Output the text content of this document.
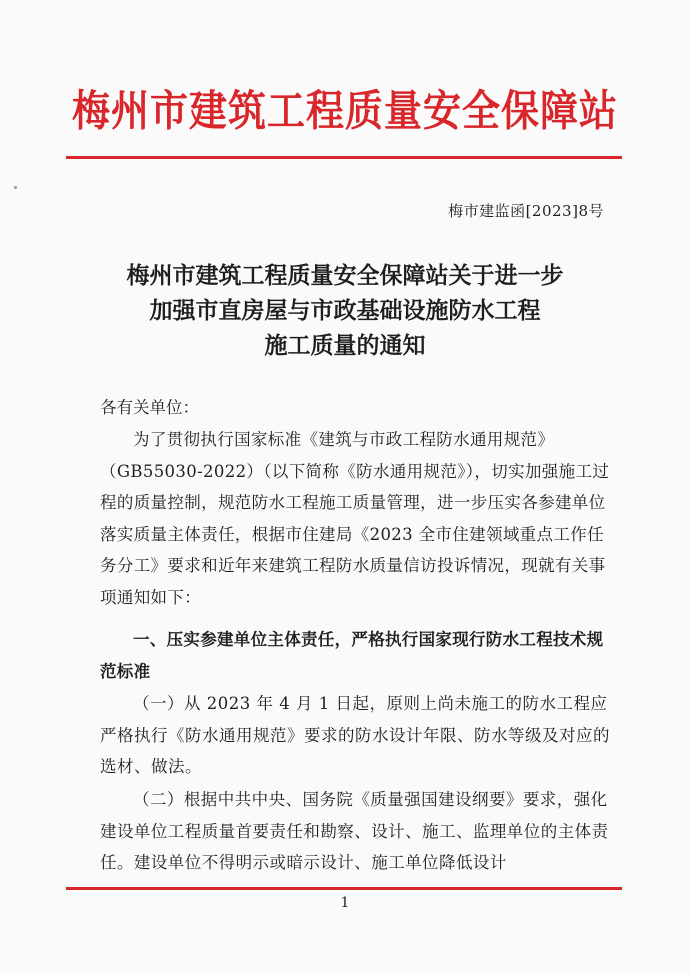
梅州市建筑工程质量安全保障站
梅市建监函[2023]8号
梅州市建筑工程质量安全保障站关于进一步
加强市直房屋与市政基础设施防水工程
施工质量的通知
各有关单位：
为了贯彻执行国家标准《建筑与市政工程防水通用规范》（GB55030-2022）（以下简称《防水通用规范》），切实加强施工过程的质量控制，规范防水工程施工质量管理，进一步压实各参建单位落实质量主体责任，根据市住建局《2023 全市住建领域重点工作任务分工》要求和近年来建筑工程防水质量信访投诉情况，现就有关事项通知如下：
一、压实参建单位主体责任，严格执行国家现行防水工程技术规范标准
（一）从 2023 年 4 月 1 日起，原则上尚未施工的防水工程应严格执行《防水通用规范》要求的防水设计年限、防水等级及对应的选材、做法。
（二）根据中共中央、国务院《质量强国建设纲要》要求，强化建设单位工程质量首要责任和勘察、设计、施工、监理单位的主体责任。建设单位不得明示或暗示设计、施工单位降低设计
1
